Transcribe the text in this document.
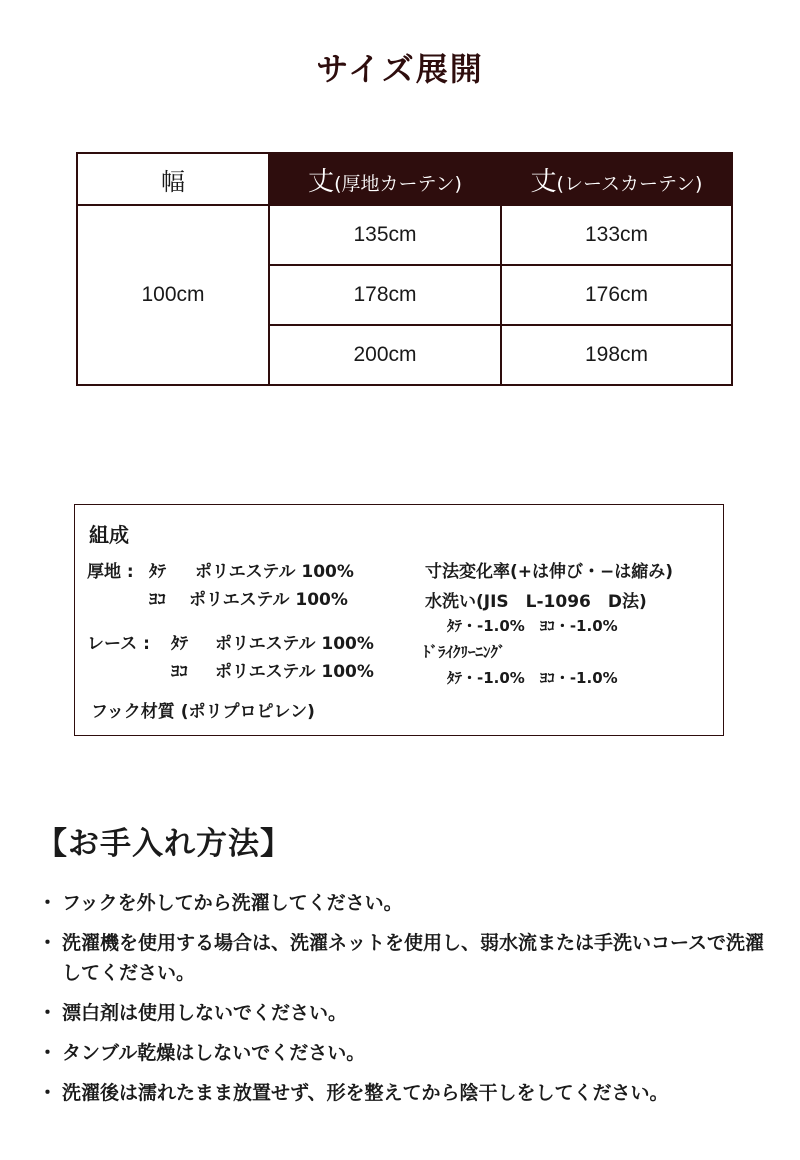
サイズ展開
幅	丈(厚地カーテン)	丈(レースカーテン)
100cm	135cm	133cm
	178cm	176cm
	200cm	198cm
組成
厚地 : ﾀﾃ ポリエステル 100%
ﾖｺ ポリエステル 100%
レース : ﾀﾃ ポリエステル 100%
ﾖｺ ポリエステル 100%
フック材質 (ポリプロピレン)
寸法変化率(+は伸び・−は縮み)
水洗い(JIS　L-1096　D法)
ﾀﾃ・-1.0%　ﾖｺ・-1.0%
ﾄﾞﾗｲｸﾘｰﾆﾝｸﾞ
ﾀﾃ・-1.0%　ﾖｺ・-1.0%
【お手入れ方法】
・ フックを外してから洗濯してください。
・ 洗濯機を使用する場合は、洗濯ネットを使用し、弱水流または手洗いコースで洗濯してください。
・ 漂白剤は使用しないでください。
・ タンブル乾燥はしないでください。
・ 洗濯後は濡れたまま放置せず、形を整えてから陰干しをしてください。
